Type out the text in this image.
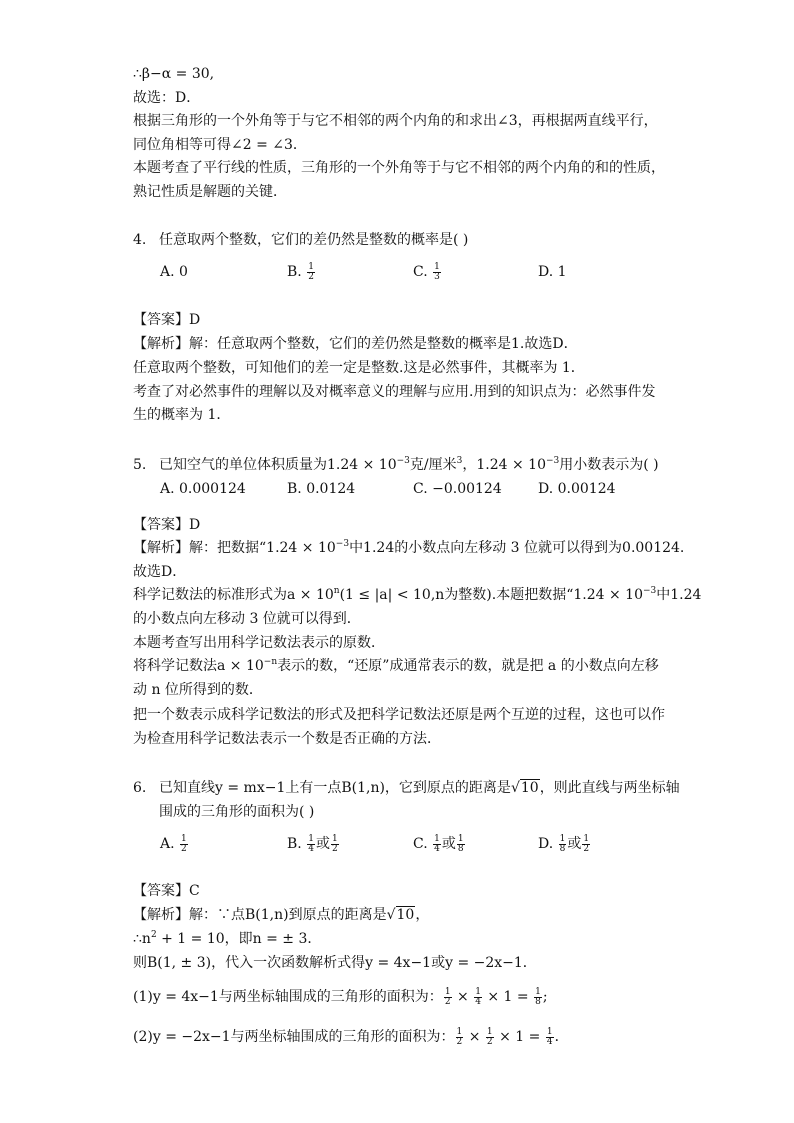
∴β−α = 30,
故选：D．
根据三角形的一个外角等于与它不相邻的两个内角的和求出∠3，再根据两直线平行，
同位角相等可得∠2 = ∠3．
本题考查了平行线的性质，三角形的一个外角等于与它不相邻的两个内角的和的性质，
熟记性质是解题的关键．
4. 任意取两个整数，它们的差仍然是整数的概率是( )
A. 0	B. $\frac{1}{2}$	C. $\frac{1}{3}$	D. 1
【答案】D
【解析】解：任意取两个整数，它们的差仍然是整数的概率是1.故选D．
任意取两个整数，可知他们的差一定是整数.这是必然事件，其概率为 1．
考查了对必然事件的理解以及对概率意义的理解与应用.用到的知识点为：必然事件发
生的概率为 1．
5. 已知空气的单位体积质量为$1.24 \times 10^{-3}$克/厘米$^3$，$1.24 \times 10^{-3}$用小数表示为( )
A. 0.000124	B. 0.0124	C. −0.00124	D. 0.00124
【答案】D
【解析】解：把数据“$1.24 \times 10^{-3}$中1.24的小数点向左移动 3 位就可以得到为0.00124.
故选D．
科学记数法的标准形式为$a \times 10^n(1 \le |a| < 10,n$为整数).本题把数据“$1.24 \times 10^{-3}$中1.24
的小数点向左移动 3 位就可以得到．
本题考查写出用科学记数法表示的原数．
将科学记数法$a \times 10^{-n}$表示的数，“还原”成通常表示的数，就是把 a 的小数点向左移
动 n 位所得到的数．
把一个数表示成科学记数法的形式及把科学记数法还原是两个互逆的过程，这也可以作
为检查用科学记数法表示一个数是否正确的方法．
6. 已知直线y = mx−1上有一点B(1,n)，它到原点的距离是√10，则此直线与两坐标轴
围成的三角形的面积为( )
A. $\frac{1}{2}$	B. $\frac{1}{4}$ 或 $\frac{1}{2}$	C. $\frac{1}{4}$ 或 $\frac{1}{8}$	D. $\frac{1}{8}$ 或 $\frac{1}{2}$
【答案】C
【解析】解：∵点B(1,n)到原点的距离是√10，
$\therefore n^2 + 1 = 10$，即n = ± 3．
则B(1, ± 3)，代入一次函数解析式得y = 4x−1或y = −2x−1．
(1)y = 4x−1与两坐标轴围成的三角形的面积为： $\frac{1}{2} \times \frac{1}{4} \times 1 = \frac{1}{8}$ ;
(2)y = −2x−1与两坐标轴围成的三角形的面积为： $\frac{1}{2} \times \frac{1}{2} \times 1 = \frac{1}{4}$ ．
